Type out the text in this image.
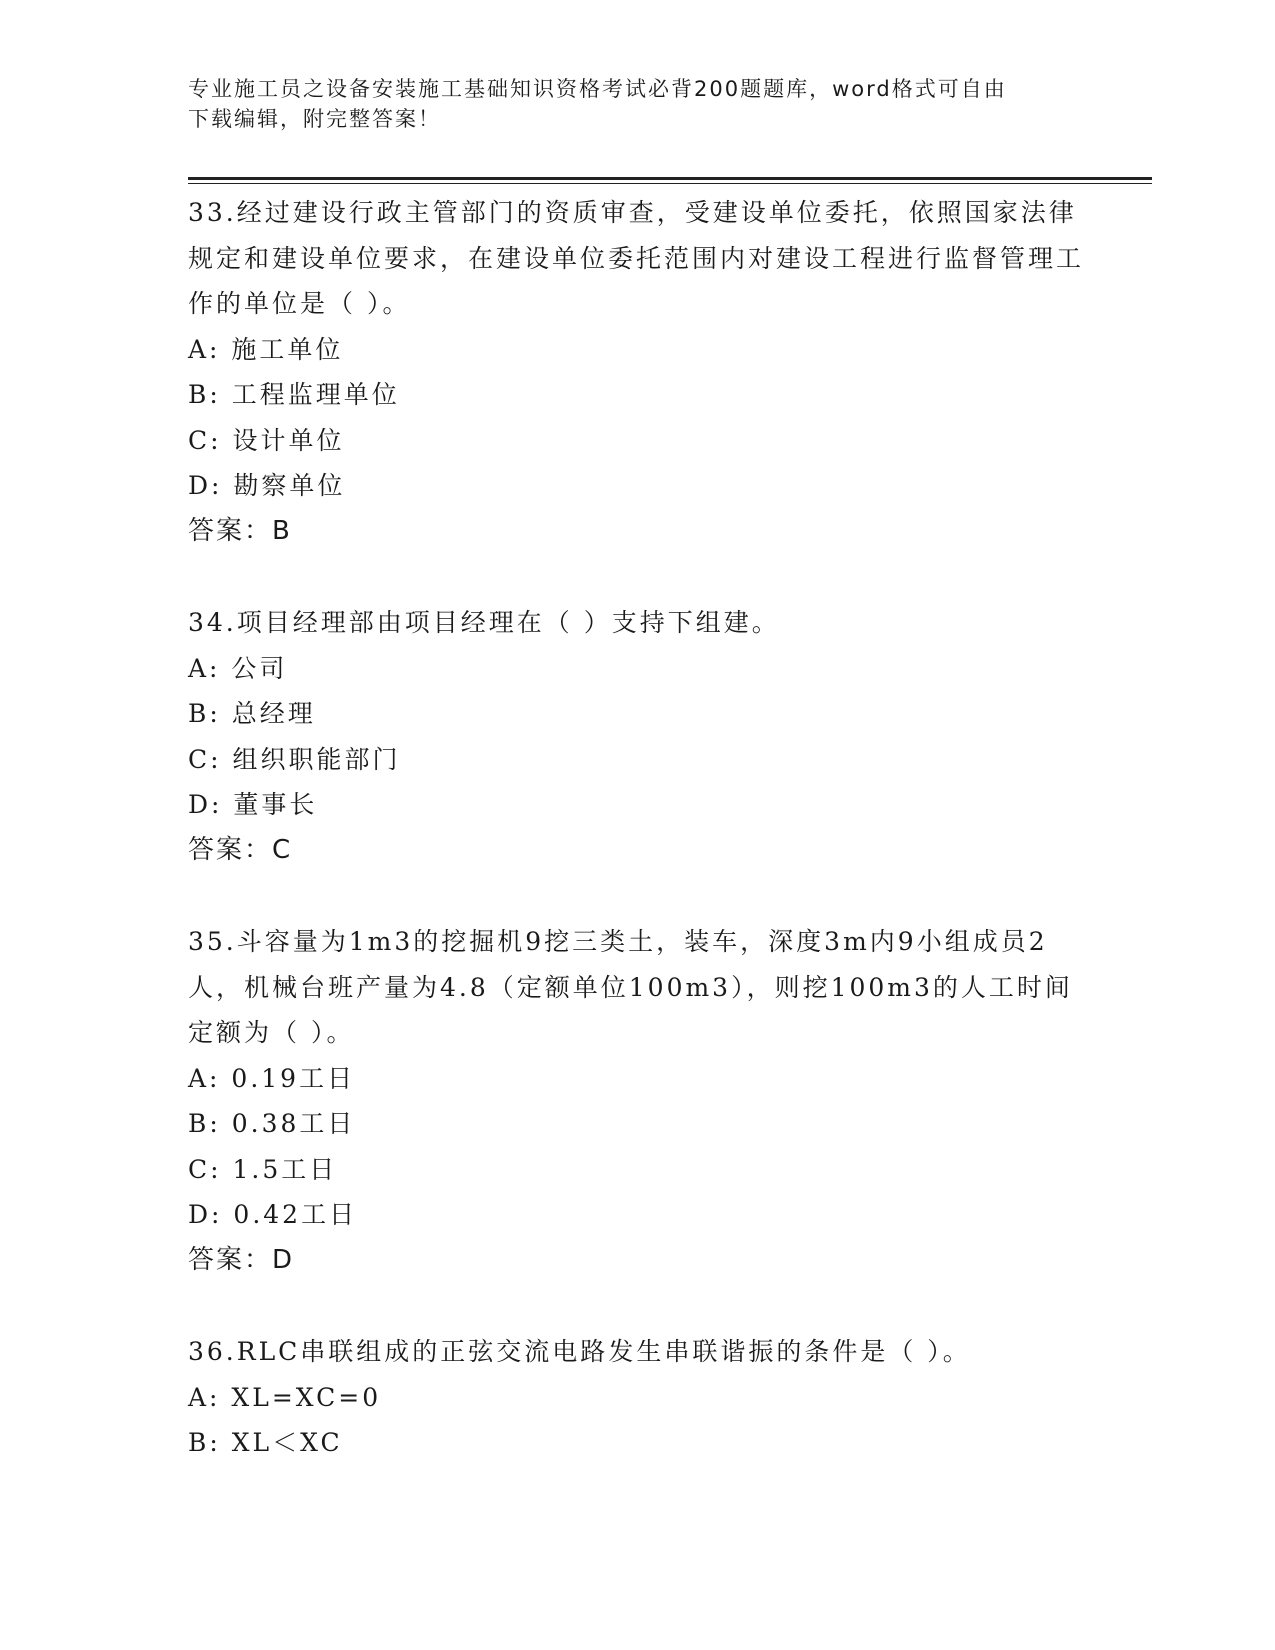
专业施工员之设备安装施工基础知识资格考试必背200题题库，word格式可自由
下载编辑，附完整答案！

33.经过建设行政主管部门的资质审查，受建设单位委托，依照国家法律规定和建设单位要求，在建设单位委托范围内对建设工程进行监督管理工作的单位是（ ）。

A: 施工单位

B: 工程监理单位

C: 设计单位

D: 勘察单位

答案：B

34.项目经理部由项目经理在（ ）支持下组建。

A: 公司

B: 总经理

C: 组织职能部门

D: 董事长

答案：C

35.斗容量为1m3的挖掘机9挖三类土，装车，深度3m内9小组成员2人，机械台班产量为4.8（定额单位100m3），则挖100m3的人工时间定额为（ ）。

A: 0.19工日

B: 0.38工日

C: 1.5工日

D: 0.42工日

答案：D

36.RLC串联组成的正弦交流电路发生串联谐振的条件是（ ）。

A: XL=XC=0

B: XL＜XC
